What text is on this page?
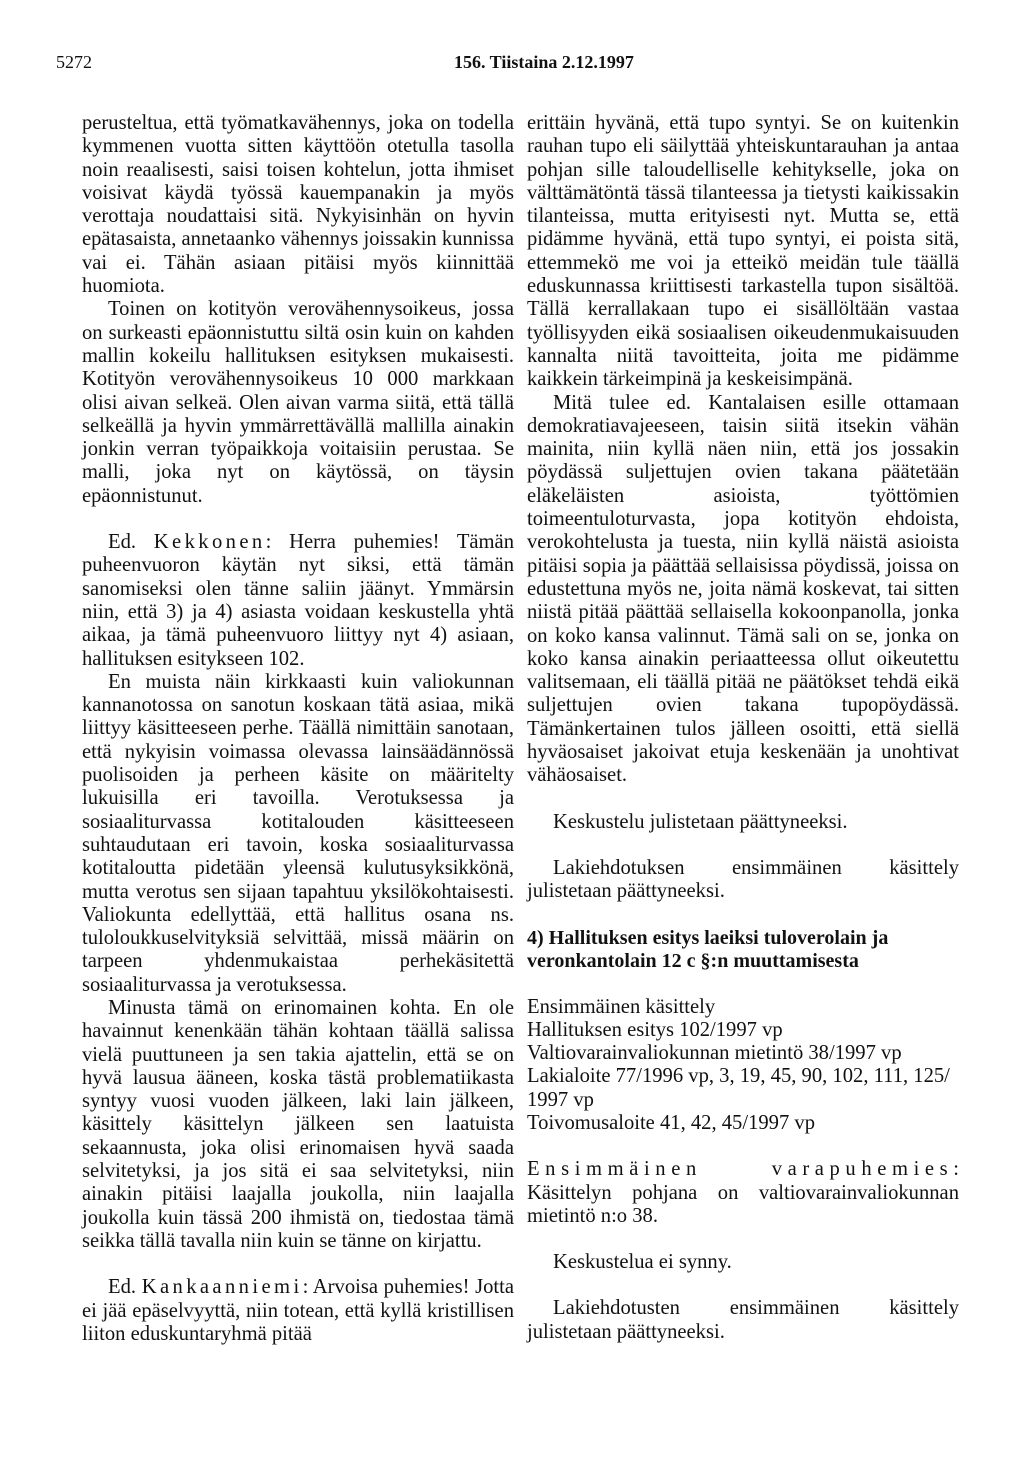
5272	156. Tiistaina 2.12.1997

perusteltua, että työmatkavähennys, joka on todella kymmenen vuotta sitten käyttöön otetulla tasolla noin reaalisesti, saisi toisen kohtelun, jotta ihmiset voisivat käydä työssä kauempanakin ja myös verottaja noudattaisi sitä. Nykyisinhän on hyvin epätasaista, annetaanko vähennys joissakin kunnissa vai ei. Tähän asiaan pitäisi myös kiinnittää huomiota.

Toinen on kotityön verovähennysoikeus, jossa on surkeasti epäonnistuttu siltä osin kuin on kahden mallin kokeilu hallituksen esityksen mukaisesti. Kotityön verovähennysoikeus 10 000 markkaan olisi aivan selkeä. Olen aivan varma siitä, että tällä selkeällä ja hyvin ymmärrettävällä mallilla ainakin jonkin verran työpaikkoja voitaisiin perustaa. Se malli, joka nyt on käytössä, on täysin epäonnistunut.

Ed. Kekkonen: Herra puhemies! Tämän puheenvuoron käytän nyt siksi, että tämän sanomiseksi olen tänne saliin jäänyt. Ymmärsin niin, että 3) ja 4) asiasta voidaan keskustella yhtä aikaa, ja tämä puheenvuoro liittyy nyt 4) asiaan, hallituksen esitykseen 102.

En muista näin kirkkaasti kuin valiokunnan kannanotossa on sanotun koskaan tätä asiaa, mikä liittyy käsitteeseen perhe. Täällä nimittäin sanotaan, että nykyisin voimassa olevassa lainsäädännössä puolisoiden ja perheen käsite on määritelty lukuisilla eri tavoilla. Verotuksessa ja sosiaaliturvassa kotitalouden käsitteeseen suhtaudutaan eri tavoin, koska sosiaaliturvassa kotitaloutta pidetään yleensä kulutusyksikkönä, mutta verotus sen sijaan tapahtuu yksilökohtaisesti. Valiokunta edellyttää, että hallitus osana ns. tuloloukkuselvityksiä selvittää, missä määrin on tarpeen yhdenmukaistaa perhekäsitettä sosiaaliturvassa ja verotuksessa.

Minusta tämä on erinomainen kohta. En ole havainnut kenenkään tähän kohtaan täällä salissa vielä puuttuneen ja sen takia ajattelin, että se on hyvä lausua ääneen, koska tästä problematiikasta syntyy vuosi vuoden jälkeen, laki lain jälkeen, käsittely käsittelyn jälkeen sen laatuista sekaannusta, joka olisi erinomaisen hyvä saada selvitetyksi, ja jos sitä ei saa selvitetyksi, niin ainakin pitäisi laajalla joukolla, niin laajalla joukolla kuin tässä 200 ihmistä on, tiedostaa tämä seikka tällä tavalla niin kuin se tänne on kirjattu.

Ed. Kankaanniemi: Arvoisa puhemies! Jotta ei jää epäselvyyttä, niin totean, että kyllä kristillisen liiton eduskuntaryhmä pitää

erittäin hyvänä, että tupo syntyi. Se on kuitenkin rauhan tupo eli säilyttää yhteiskuntarauhan ja antaa pohjan sille taloudelliselle kehitykselle, joka on välttämätöntä tässä tilanteessa ja tietysti kaikissakin tilanteissa, mutta erityisesti nyt. Mutta se, että pidämme hyvänä, että tupo syntyi, ei poista sitä, ettemmekö me voi ja etteikö meidän tule täällä eduskunnassa kriittisesti tarkastella tupon sisältöä. Tällä kerrallakaan tupo ei sisällöltään vastaa työllisyyden eikä sosiaalisen oikeudenmukaisuuden kannalta niitä tavoitteita, joita me pidämme kaikkein tärkeimpinä ja keskeisimpänä.

Mitä tulee ed. Kantalaisen esille ottamaan demokratiavajeeseen, taisin siitä itsekin vähän mainita, niin kyllä näen niin, että jos jossakin pöydässä suljettujen ovien takana päätetään eläkeläisten asioista, työttömien toimeentuloturvasta, jopa kotityön ehdoista, verokohtelusta ja tuesta, niin kyllä näistä asioista pitäisi sopia ja päättää sellaisissa pöydissä, joissa on edustettuna myös ne, joita nämä koskevat, tai sitten niistä pitää päättää sellaisella kokoonpanolla, jonka on koko kansa valinnut. Tämä sali on se, jonka on koko kansa ainakin periaatteessa ollut oikeutettu valitsemaan, eli täällä pitää ne päätökset tehdä eikä suljettujen ovien takana tupopöydässä. Tämänkertainen tulos jälleen osoitti, että siellä hyväosaiset jakoivat etuja keskenään ja unohtivat vähäosaiset.

Keskustelu julistetaan päättyneeksi.

Lakiehdotuksen ensimmäinen käsittely julistetaan päättyneeksi.

4) Hallituksen esitys laeiksi tuloverolain ja veronkantolain 12 c §:n muuttamisesta

Ensimmäinen käsittely
Hallituksen esitys 102/1997 vp
Valtiovarainvaliokunnan mietintö 38/1997 vp
Lakialoite 77/1996 vp, 3, 19, 45, 90, 102, 111, 125/
1997 vp
Toivomusaloite 41, 42, 45/1997 vp

Ensimmäinen varapuhemies: Käsittelyn pohjana on valtiovarainvaliokunnan mietintö n:o 38.

Keskustelua ei synny.

Lakiehdotusten ensimmäinen käsittely julistetaan päättyneeksi.
